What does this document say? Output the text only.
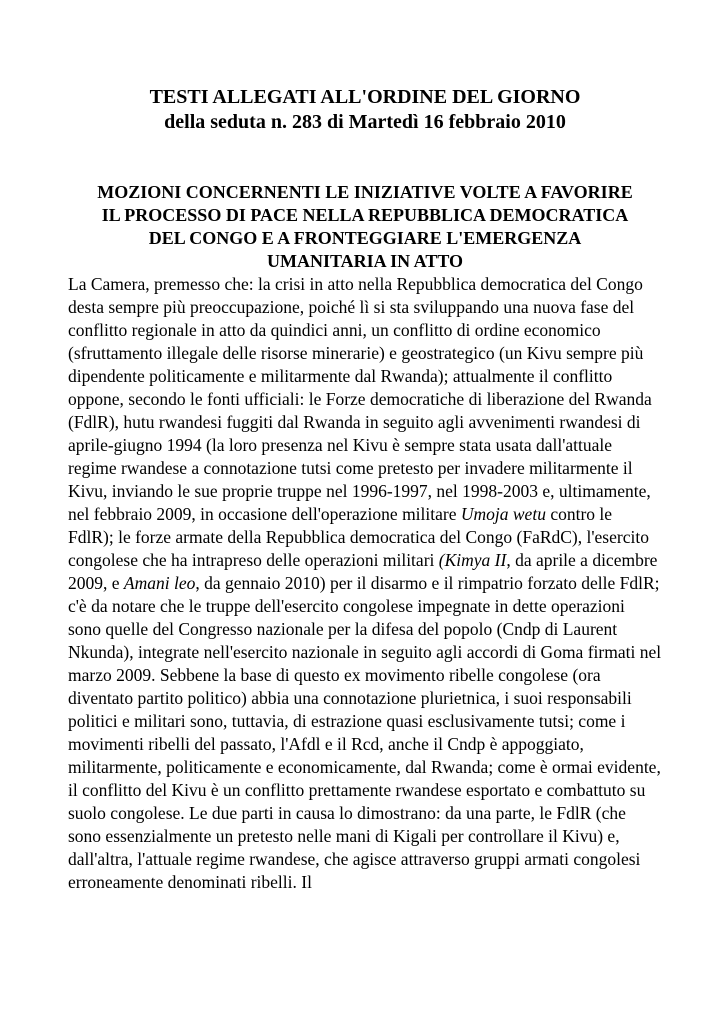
TESTI ALLEGATI ALL'ORDINE DEL GIORNO
della seduta n. 283 di Martedì 16 febbraio 2010
MOZIONI CONCERNENTI LE INIZIATIVE VOLTE A FAVORIRE IL PROCESSO DI PACE NELLA REPUBBLICA DEMOCRATICA DEL CONGO E A FRONTEGGIARE L'EMERGENZA UMANITARIA IN ATTO

La Camera, premesso che: la crisi in atto nella Repubblica democratica del Congo desta sempre più preoccupazione, poiché lì si sta sviluppando una nuova fase del conflitto regionale in atto da quindici anni, un conflitto di ordine economico (sfruttamento illegale delle risorse minerarie) e geostrategico (un Kivu sempre più dipendente politicamente e militarmente dal Rwanda); attualmente il conflitto oppone, secondo le fonti ufficiali: le Forze democratiche di liberazione del Rwanda (FdlR), hutu rwandesi fuggiti dal Rwanda in seguito agli avvenimenti rwandesi di aprile-giugno 1994 (la loro presenza nel Kivu è sempre stata usata dall'attuale regime rwandese a connotazione tutsi come pretesto per invadere militarmente il Kivu, inviando le sue proprie truppe nel 1996-1997, nel 1998-2003 e, ultimamente, nel febbraio 2009, in occasione dell'operazione militare Umoja wetu contro le FdlR); le forze armate della Repubblica democratica del Congo (FaRdC), l'esercito congolese che ha intrapreso delle operazioni militari (Kimya II, da aprile a dicembre 2009, e Amani leo, da gennaio 2010) per il disarmo e il rimpatrio forzato delle FdlR; c'è da notare che le truppe dell'esercito congolese impegnate in dette operazioni sono quelle del Congresso nazionale per la difesa del popolo (Cndp di Laurent Nkunda), integrate nell'esercito nazionale in seguito agli accordi di Goma firmati nel marzo 2009. Sebbene la base di questo ex movimento ribelle congolese (ora diventato partito politico) abbia una connotazione plurietnica, i suoi responsabili politici e militari sono, tuttavia, di estrazione quasi esclusivamente tutsi; come i movimenti ribelli del passato, l'Afdl e il Rcd, anche il Cndp è appoggiato, militarmente, politicamente e economicamente, dal Rwanda; come è ormai evidente, il conflitto del Kivu è un conflitto prettamente rwandese esportato e combattuto su suolo congolese. Le due parti in causa lo dimostrano: da una parte, le FdlR (che sono essenzialmente un pretesto nelle mani di Kigali per controllare il Kivu) e, dall'altra, l'attuale regime rwandese, che agisce attraverso gruppi armati congolesi erroneamente denominati ribelli. Il
